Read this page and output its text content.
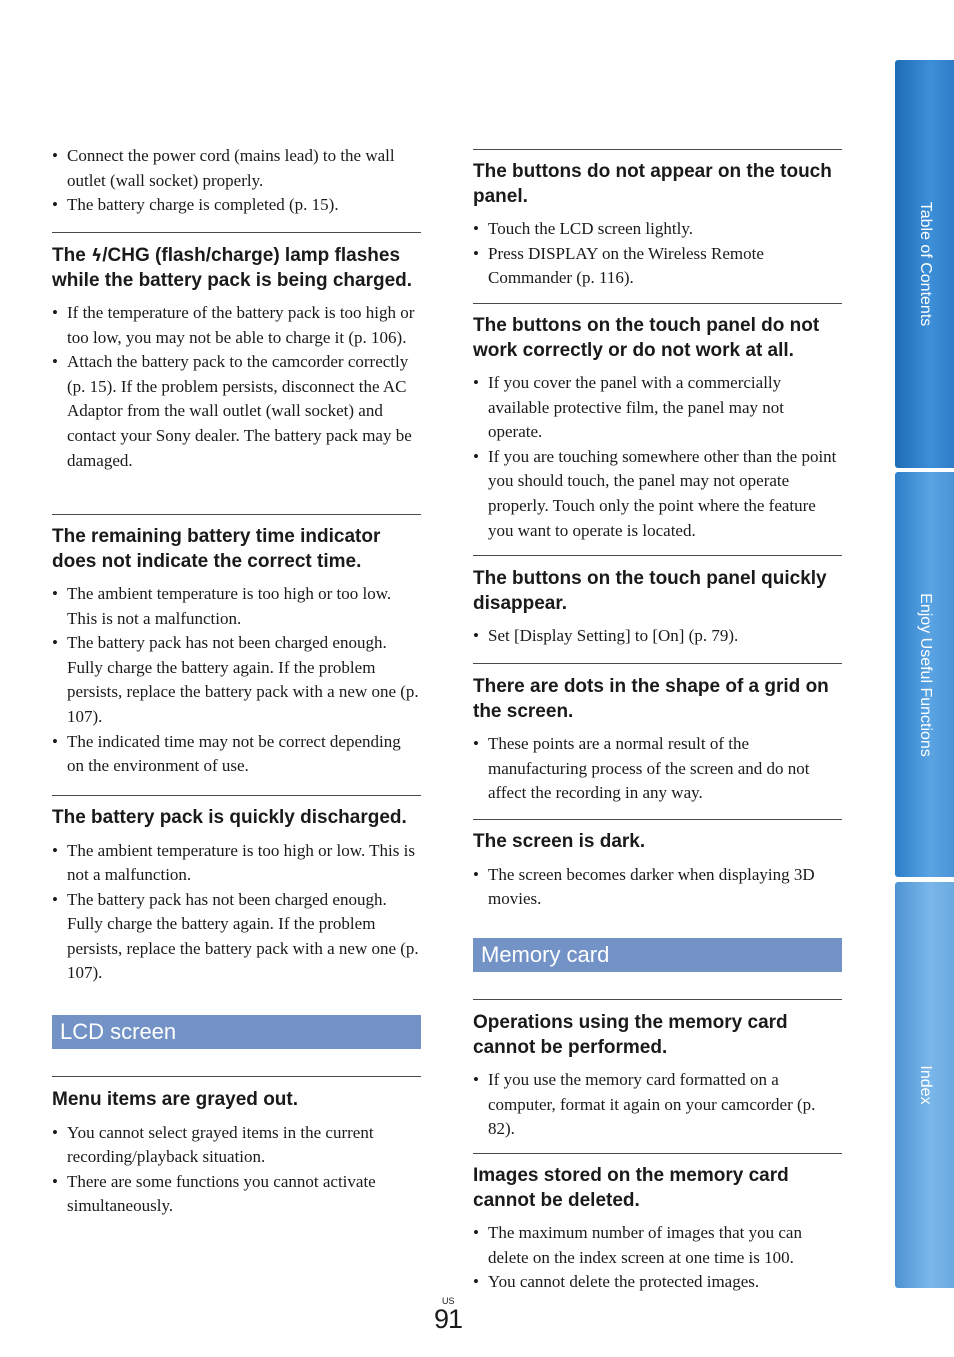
• Connect the power cord (mains lead) to the wall outlet (wall socket) properly.
• The battery charge is completed (p. 15).
The ϟ/CHG (flash/charge) lamp flashes while the battery pack is being charged.
• If the temperature of the battery pack is too high or too low, you may not be able to charge it (p. 106).
• Attach the battery pack to the camcorder correctly (p. 15). If the problem persists, disconnect the AC Adaptor from the wall outlet (wall socket) and contact your Sony dealer. The battery pack may be damaged.
The remaining battery time indicator does not indicate the correct time.
• The ambient temperature is too high or too low. This is not a malfunction.
• The battery pack has not been charged enough. Fully charge the battery again. If the problem persists, replace the battery pack with a new one (p. 107).
• The indicated time may not be correct depending on the environment of use.
The battery pack is quickly discharged.
• The ambient temperature is too high or low. This is not a malfunction.
• The battery pack has not been charged enough. Fully charge the battery again. If the problem persists, replace the battery pack with a new one (p. 107).
LCD screen
Menu items are grayed out.
• You cannot select grayed items in the current recording/playback situation.
• There are some functions you cannot activate simultaneously.
The buttons do not appear on the touch panel.
• Touch the LCD screen lightly.
• Press DISPLAY on the Wireless Remote Commander (p. 116).
The buttons on the touch panel do not work correctly or do not work at all.
• If you cover the panel with a commercially available protective film, the panel may not operate.
• If you are touching somewhere other than the point you should touch, the panel may not operate properly. Touch only the point where the feature you want to operate is located.
The buttons on the touch panel quickly disappear.
• Set [Display Setting] to [On] (p. 79).
There are dots in the shape of a grid on the screen.
• These points are a normal result of the manufacturing process of the screen and do not affect the recording in any way.
The screen is dark.
• The screen becomes darker when displaying 3D movies.
Memory card
Operations using the memory card cannot be performed.
• If you use the memory card formatted on a computer, format it again on your camcorder (p. 82).
Images stored on the memory card cannot be deleted.
• The maximum number of images that you can delete on the index screen at one time is 100.
• You cannot delete the protected images.
Table of Contents
Enjoy Useful Functions
Index
US
91
